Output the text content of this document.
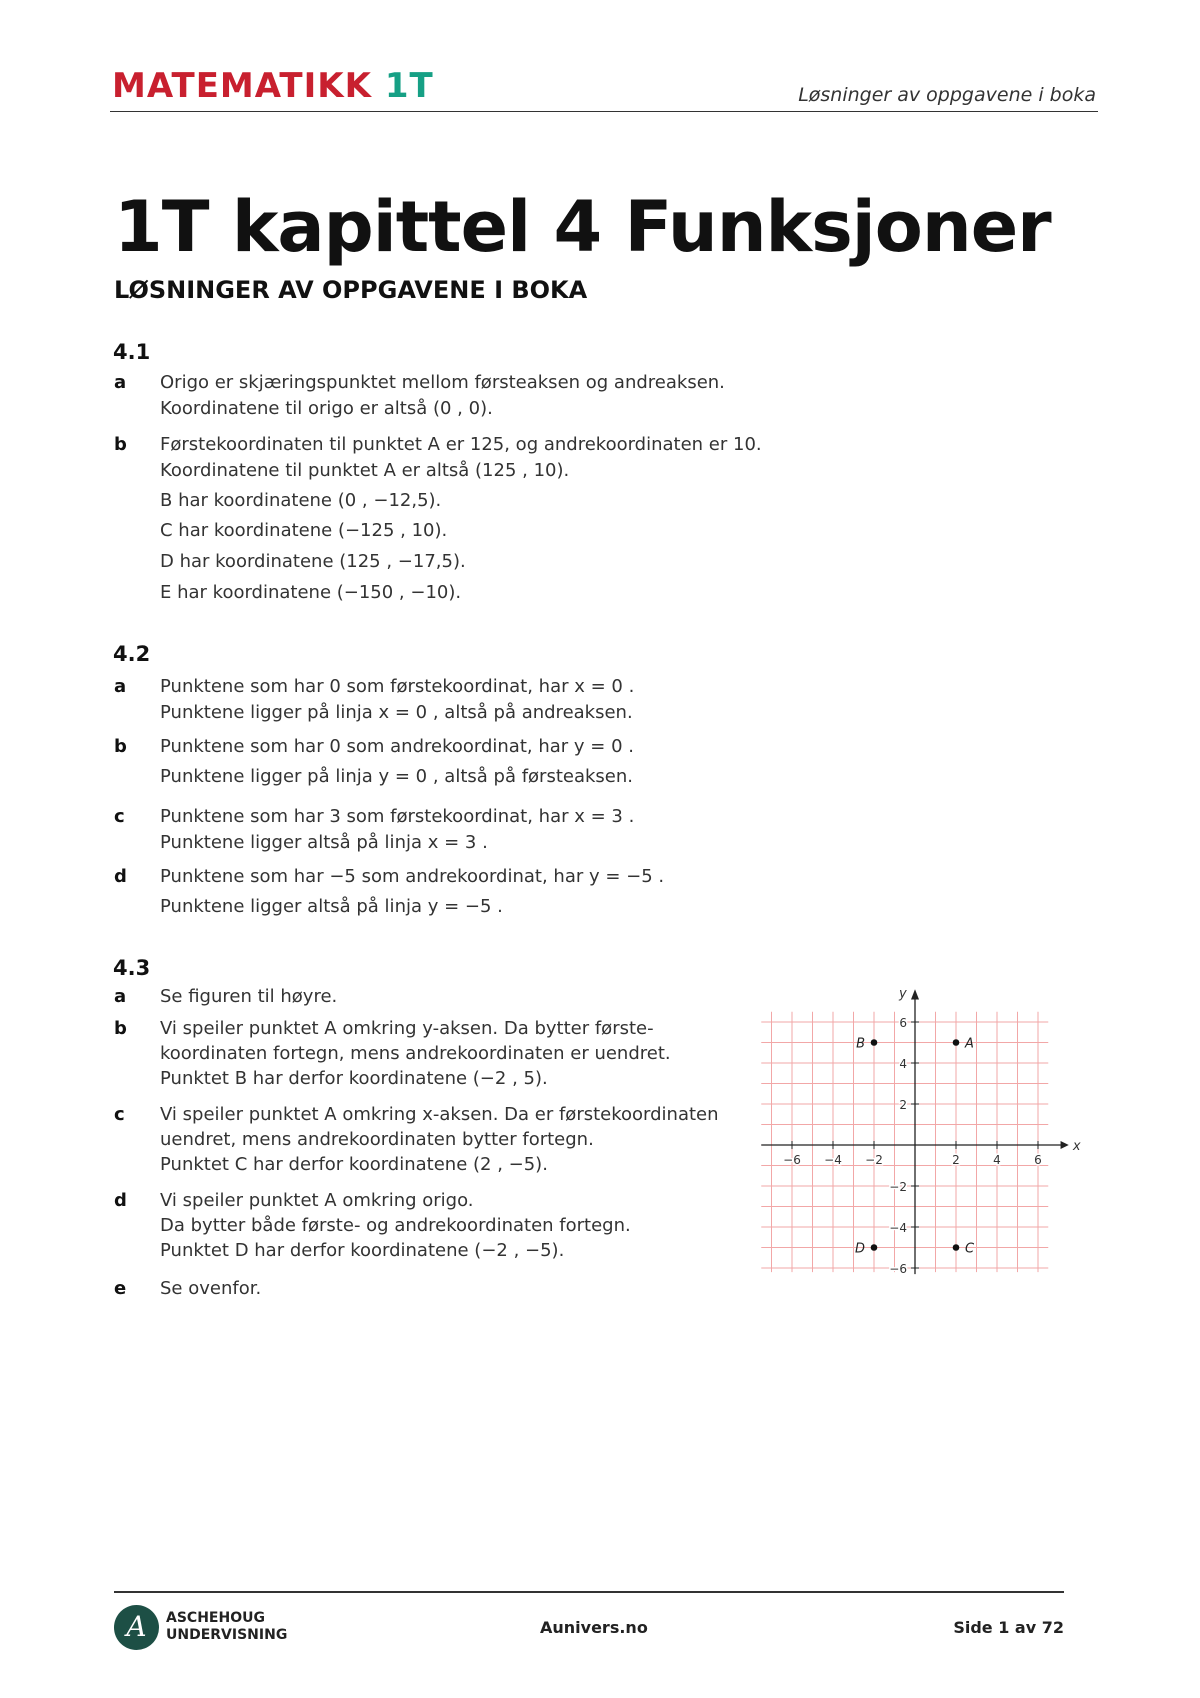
MATEMATIKK 1T	Løsninger av oppgavene i boka
1T kapittel 4 Funksjoner
LØSNINGER AV OPPGAVENE I BOKA
4.1
a Origo er skjæringspunktet mellom førsteaksen og andreaksen.
Koordinatene til origo er altså (0 , 0).
b Førstekoordinaten til punktet A er 125, og andrekoordinaten er 10.
Koordinatene til punktet A er altså (125 , 10).
B har koordinatene (0 , −12,5).
C har koordinatene (−125 , 10).
D har koordinatene (125 , −17,5).
E har koordinatene (−150 , −10).
4.2
a Punktene som har 0 som førstekoordinat, har x = 0 .
Punktene ligger på linja x = 0 , altså på andreaksen.
b Punktene som har 0 som andrekoordinat, har y = 0 .
Punktene ligger på linja y = 0 , altså på førsteaksen.
c Punktene som har 3 som førstekoordinat, har x = 3 .
Punktene ligger altså på linja x = 3 .
d Punktene som har −5 som andrekoordinat, har y = −5 .
Punktene ligger altså på linja y = −5 .
4.3
a Se figuren til høyre.
b Vi speiler punktet A omkring y-aksen. Da bytter første-
koordinaten fortegn, mens andrekoordinaten er uendret.
Punktet B har derfor koordinatene (−2 , 5).
c Vi speiler punktet A omkring x-aksen. Da er førstekoordinaten
uendret, mens andrekoordinaten bytter fortegn.
Punktet C har derfor koordinatene (2 , −5).
d Vi speiler punktet A omkring origo.
Da bytter både første- og andrekoordinaten fortegn.
Punktet D har derfor koordinatene (−2 , −5).
e Se ovenfor.
x
y
−6 −4 −2	2	4	6
6
4
2
−2
−4
−6
A
B
C
D
A	ASCHEHOUG
UNDERVISNING	Aunivers.no	Side 1 av 72
